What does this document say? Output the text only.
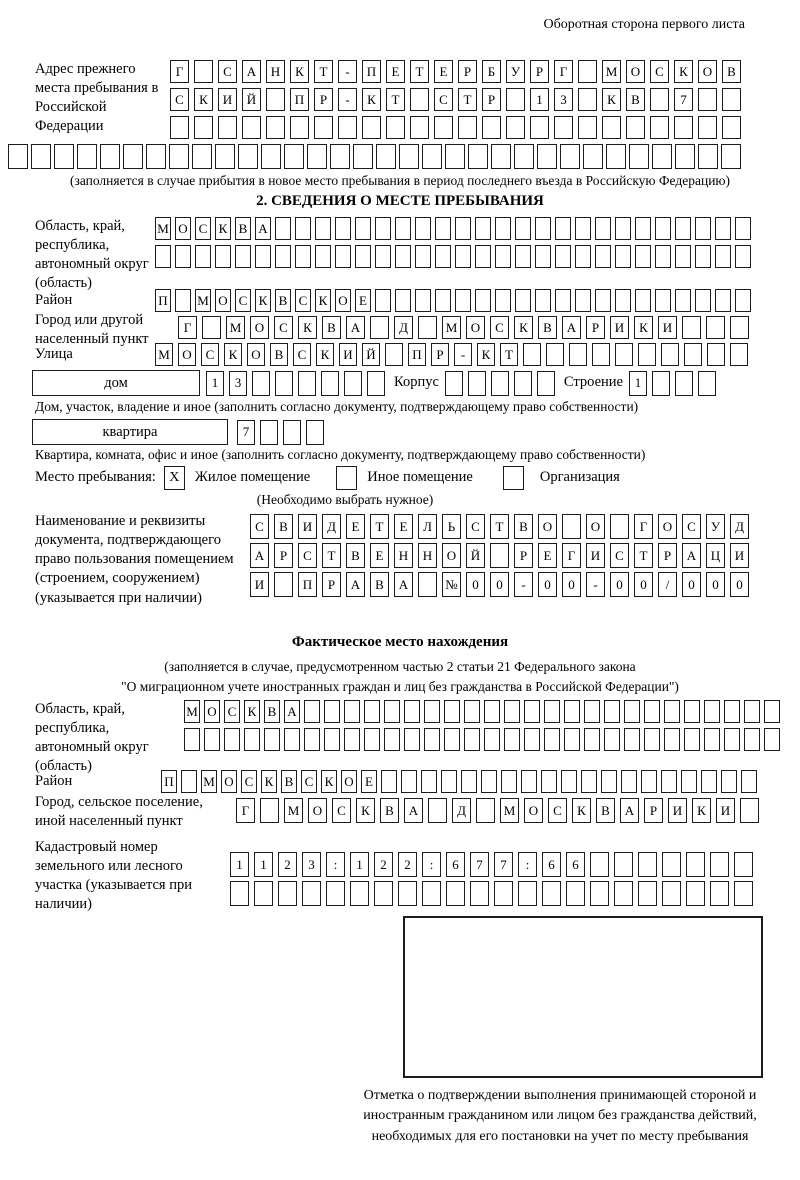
Оборотная сторона первого листа
Адрес прежнего места пребывания в Российской Федерации
Г	С	А	Н	К	Т	-	П	Е	Т	Е	Р	Б	У	Р	Г	М	О	С	К	О	В
С	К	И	Й	П	Р	-	К	Т	С	Т	Р	1	3	К	В	7
(заполняется в случае прибытия в новое место пребывания в период последнего въезда в Российскую Федерацию)
2. СВЕДЕНИЯ О МЕСТЕ ПРЕБЫВАНИЯ
Область, край, республика, автономный округ (область)
М О С К В А
Район	П М О С К В С К О Е
Город или другой населенный пункт
Г	М	О	С	К	В	А	Д	М	О	С	К	В	А	Р	И	К	И
Улица	М О	С	К	О	В	С	К	И	Й	П	Р	-	К	Т
дом	1	3	Корпус	Строение 1
Дом, участок, владение и иное (заполнить согласно документу, подтверждающему право собственности)
квартира	7
Квартира, комната, офис и иное (заполнить согласно документу, подтверждающему право собственности)
Место пребывания: X	Жилое помещение	Иное помещение	Организация
(Необходимо выбрать нужное)
Наименование и реквизиты документа, подтверждающего право пользования помещением (строением, сооружением) (указывается при наличии)
С	В	И	Д	Е	Т	Е	Л	Ь	С	Т	В	О	О	Г	О	С	У	Д
А	Р	С	Т	В	Е	Н	Н	О	Й	Р	Е	Г	И	С	Т	Р	А	Ц	И
И	П	Р	А	В	А	№	0	0	-	0	0	-	0	0	/	0	0	0
Фактическое место нахождения
(заполняется в случае, предусмотренном частью 2 статьи 21 Федерального закона
"О миграционном учете иностранных граждан и лиц без гражданства в Российской Федерации")
Область, край, республика, автономный округ (область)
М О С К В А
Район	П М О С К В С К О Е
Город, сельское поселение, иной населенный пункт
Г	М	О	С	К	В	А	Д	М	О	С	К	В	А	Р	И	К	И
Кадастровый номер земельного или лесного участка (указывается при наличии)
1	1	2	3	:	1	2	2	:	6	7	7	:	6	6
Отметка о подтверждении выполнения принимающей стороной и иностранным гражданином или лицом без гражданства действий, необходимых для его постановки на учет по месту пребывания
